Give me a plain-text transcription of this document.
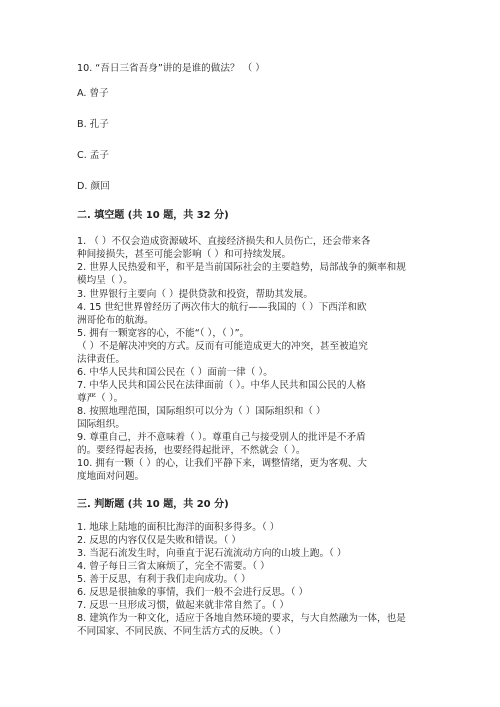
10. “吾日三省吾身”讲的是谁的做法？ （ ）
A. 曾子
B. 孔子
C. 孟子
D. 颜回
二. 填空题 (共 10 题，共 32 分)
1. （ ）不仅会造成资源破坏、直接经济损失和人员伤亡，还会带来各
种间接损失，甚至可能会影响（ ）和可持续发展。
2. 世界人民热爱和平，和平是当前国际社会的主要趋势，局部战争的频率和规
模均呈（ ）。
3. 世界银行主要向（ ）提供贷款和投资，帮助其发展。
4. 15 世纪世界曾经历了两次伟大的航行——我国的（ ）下西洋和欧
洲哥伦布的航海。
5. 拥有一颗宽容的心，不能“（ ），（ ）”。
（ ）不是解决冲突的方式。反而有可能造成更大的冲突，甚至被追究
法律责任。
6. 中华人民共和国公民在（ ）面前一律（ ）。
7. 中华人民共和国公民在法律面前（ ）。中华人民共和国公民的人格
尊严（ ）。
8. 按照地理范围，国际组织可以分为（ ）国际组织和（ ）
国际组织。
9. 尊重自己，并不意味着（ ）。尊重自己与接受别人的批评是不矛盾
的。要经得起表扬，也要经得起批评，不然就会（ ）。
10. 拥有一颗（ ）的心，让我们平静下来，调整情绪，更为客观、大
度地面对问题。
三. 判断题 (共 10 题，共 20 分)
1. 地球上陆地的面积比海洋的面积多得多。（ ）
2. 反思的内容仅仅是失败和错误。（ ）
3. 当泥石流发生时，向垂直于泥石流流动方向的山坡上跑。（ ）
4. 曾子每日三省太麻烦了，完全不需要。（ ）
5. 善于反思，有利于我们走向成功。（ ）
6. 反思是很抽象的事情，我们一般不会进行反思。（ ）
7. 反思一旦形成习惯，做起来就非常自然了。（ ）
8. 建筑作为一种文化，适应于各地自然环境的要求，与大自然融为一体，也是
不同国家、不同民族、不同生活方式的反映。（ ）
